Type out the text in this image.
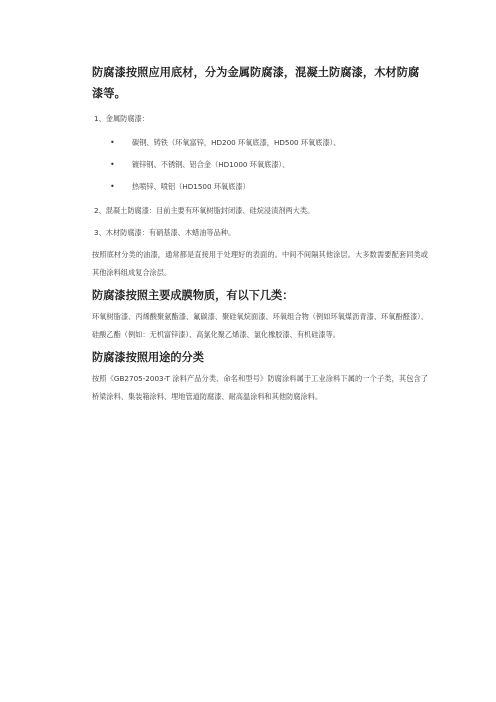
防腐漆按照应用底材，分为金属防腐漆，混凝土防腐漆，木材防腐漆等。

1、金属防腐漆：

• 碳钢、铸铁（环氧富锌，HD200 环氧底漆，HD500 环氧底漆）、
• 镀锌钢、不锈钢、铝合金（HD1000 环氧底漆）、
• 热喷锌、喷铝（HD1500 环氧底漆）

2、混凝土防腐漆：目前主要有环氧树脂封闭漆、硅烷浸渍剂两大类。

3、木材防腐漆：有硝基漆、木蜡油等品种。

按照底材分类的油漆，通常都是直接用于处理好的表面的。中间不间隔其他涂层。大多数需要配套同类或其他涂料组成复合涂层。

防腐漆按照主要成膜物质，有以下几类：

环氧树脂漆、丙烯酸聚氨酯漆、氟碳漆、聚硅氧烷面漆、环氧组合物（例如环氧煤沥青漆、环氧酚醛漆）、硅酸乙酯（例如：无机富锌漆）、高氯化聚乙烯漆、氯化橡胶漆、有机硅漆等。

防腐漆按照用途的分类

按照《GB2705-2003-T 涂料产品分类、命名和型号》防腐涂料属于工业涂料下属的一个子类，其包含了桥梁涂料、集装箱涂料、埋地管道防腐漆、耐高温涂料和其他防腐涂料。
